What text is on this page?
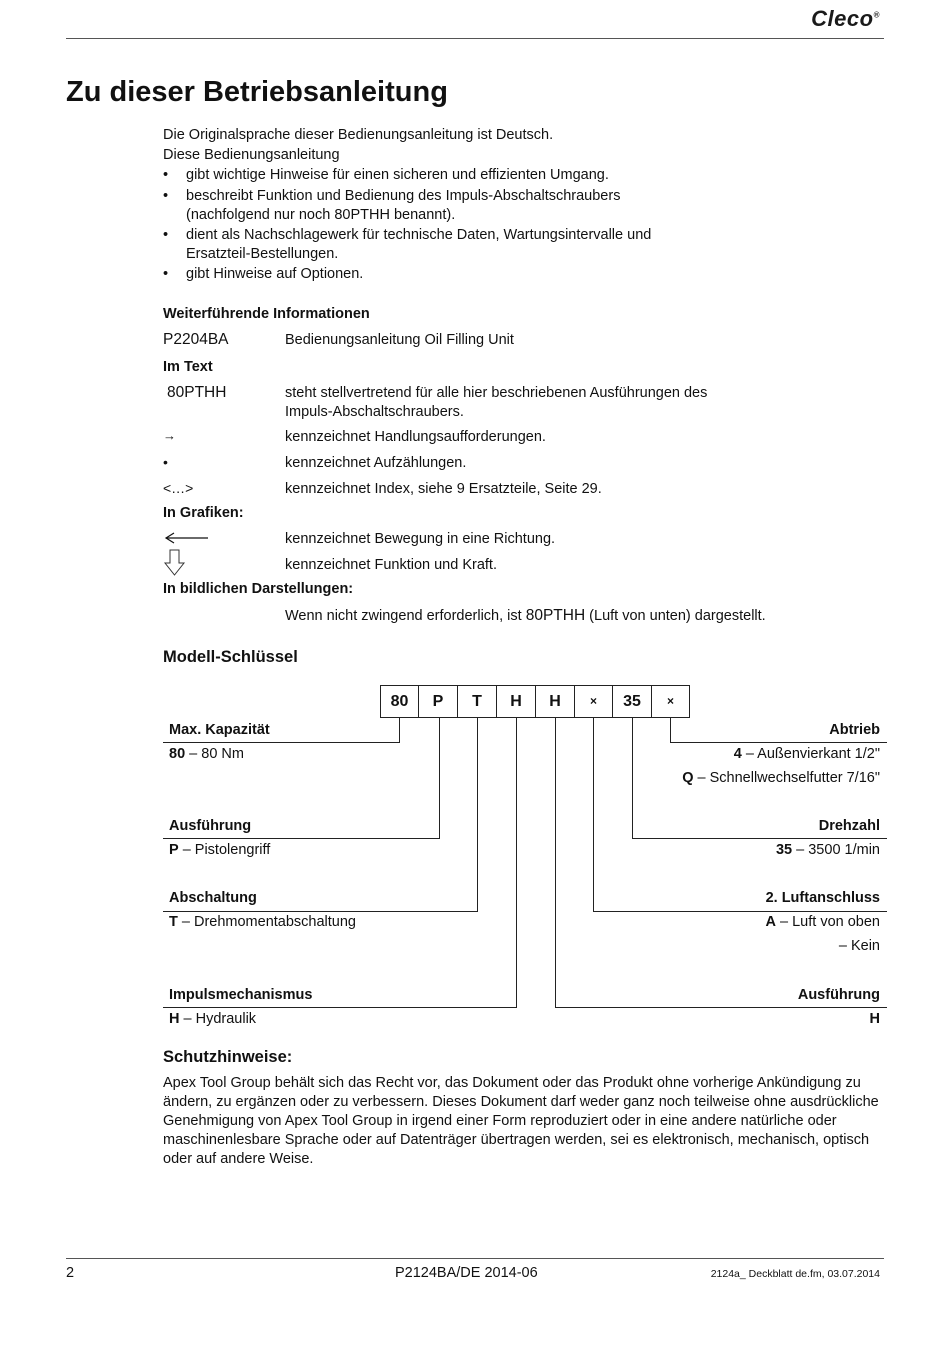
Cleco®
Zu dieser Betriebsanleitung
Die Originalsprache dieser Bedienungsanleitung ist Deutsch.
Diese Bedienungsanleitung
• gibt wichtige Hinweise für einen sicheren und effizienten Umgang.
• beschreibt Funktion und Bedienung des Impuls-Abschaltschraubers (nachfolgend nur noch 80PTHH benannt).
• dient als Nachschlagewerk für technische Daten, Wartungsintervalle und Ersatzteil-Bestellungen.
• gibt Hinweise auf Optionen.
Weiterführende Informationen
P2204BA	Bedienungsanleitung Oil Filling Unit
Im Text
80PTHH	steht stellvertretend für alle hier beschriebenen Ausführungen des Impuls-Abschaltschraubers.
→	kennzeichnet Handlungsaufforderungen.
•	kennzeichnet Aufzählungen.
<…>	kennzeichnet Index, siehe 9 Ersatzteile, Seite 29.
In Grafiken:
kennzeichnet Bewegung in eine Richtung.
kennzeichnet Funktion und Kraft.
In bildlichen Darstellungen:
Wenn nicht zwingend erforderlich, ist 80PTHH (Luft von unten) dargestellt.
Modell-Schlüssel
80	P	T	H	H	×	35	×
Max. Kapazität
80 – 80 Nm
Ausführung
P – Pistolengriff
Abschaltung
T – Drehmomentabschaltung
Impulsmechanismus
H – Hydraulik
Abtrieb
4 – Außenvierkant 1/2"
Q – Schnellwechselfutter 7/16"
Drehzahl
35 – 3500 1/min
2. Luftanschluss
A – Luft von oben
– Kein
Ausführung
H
Schutzhinweise:
Apex Tool Group behält sich das Recht vor, das Dokument oder das Produkt ohne vorherige Ankündigung zu ändern, zu ergänzen oder zu verbessern. Dieses Dokument darf weder ganz noch teilweise ohne ausdrückliche Genehmigung von Apex Tool Group in irgend einer Form reproduziert oder in eine andere natürliche oder maschinenlesbare Sprache oder auf Datenträger übertragen werden, sei es elektronisch, mechanisch, optisch oder auf andere Weise.
2	P2124BA/DE 2014-06	2124a_ Deckblatt de.fm, 03.07.2014
